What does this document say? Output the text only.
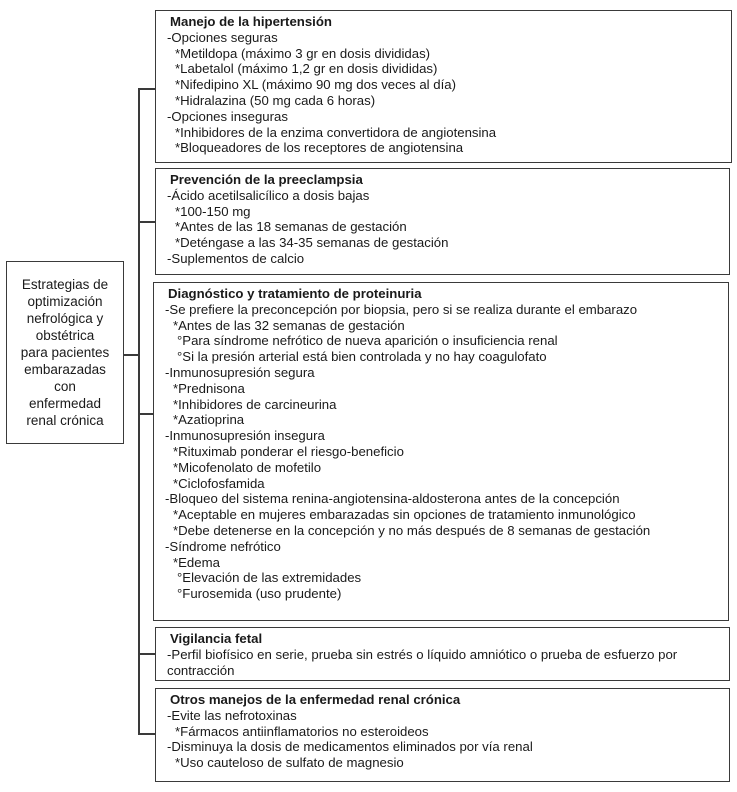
Estrategias de
optimización
nefrológica y
obstétrica
para pacientes
embarazadas
con
enfermedad
renal crónica
Manejo de la hipertensión
-Opciones seguras
*Metildopa (máximo 3 gr en dosis divididas)
*Labetalol (máximo 1,2 gr en dosis divididas)
*Nifedipino XL (máximo 90 mg dos veces al día)
*Hidralazina (50 mg cada 6 horas)
-Opciones inseguras
*Inhibidores de la enzima convertidora de angiotensina
*Bloqueadores de los receptores de angiotensina
Prevención de la preeclampsia
-Ácido acetilsalicílico a dosis bajas
*100-150 mg
*Antes de las 18 semanas de gestación
*Deténgase a las 34-35 semanas de gestación
-Suplementos de calcio
Diagnóstico y tratamiento de proteinuria
-Se prefiere la preconcepción por biopsia, pero si se realiza durante el embarazo
*Antes de las 32 semanas de gestación
°Para síndrome nefrótico de nueva aparición o insuficiencia renal
°Si la presión arterial está bien controlada y no hay coagulofato
-Inmunosupresión segura
*Prednisona
*Inhibidores de carcineurina
*Azatioprina
-Inmunosupresión insegura
*Rituximab ponderar el riesgo-beneficio
*Micofenolato de mofetilo
*Ciclofosfamida
-Bloqueo del sistema renina-angiotensina-aldosterona antes de la concepción
*Aceptable en mujeres embarazadas sin opciones de tratamiento inmunológico
*Debe detenerse en la concepción y no más después de 8 semanas de gestación
-Síndrome nefrótico
*Edema
°Elevación de las extremidades
°Furosemida (uso prudente)
Vigilancia fetal
-Perfil biofísico en serie, prueba sin estrés o líquido amniótico o prueba de esfuerzo por contracción
Otros manejos de la enfermedad renal crónica
-Evite las nefrotoxinas
*Fármacos antiinflamatorios no esteroideos
-Disminuya la dosis de medicamentos eliminados por vía renal
*Uso cauteloso de sulfato de magnesio
